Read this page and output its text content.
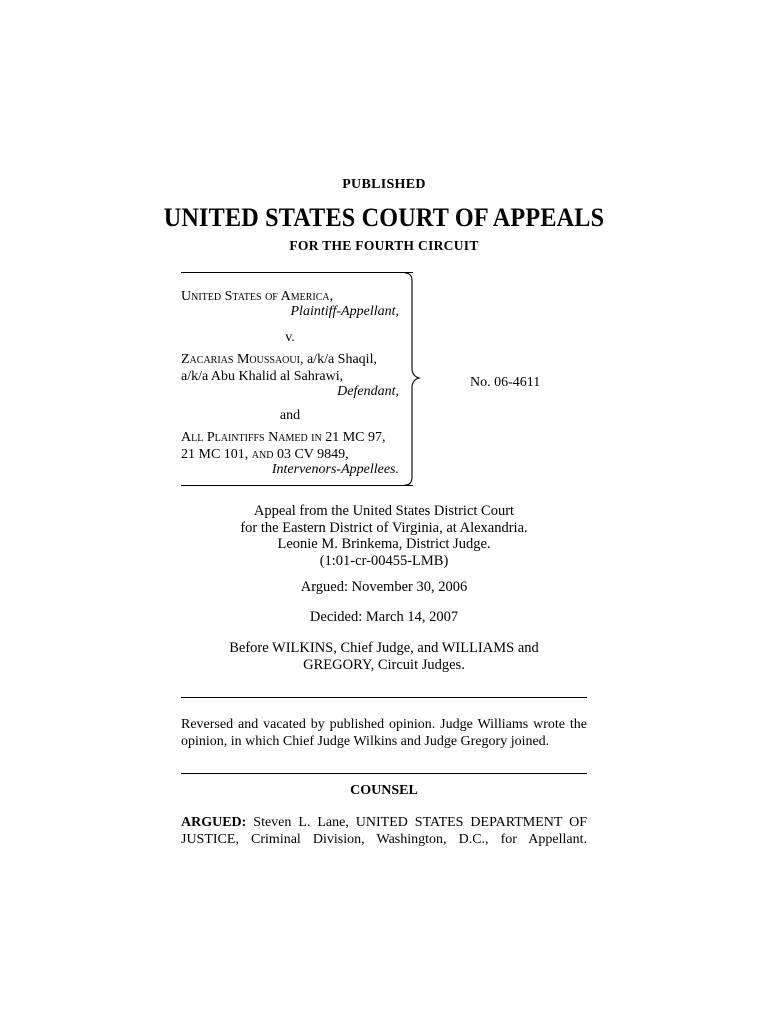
PUBLISHED
UNITED STATES COURT OF APPEALS
FOR THE FOURTH CIRCUIT
United States of America,
Plaintiff-Appellant,
v.
Zacarias Moussaoui, a/k/a Shaqil,
a/k/a Abu Khalid al Sahrawi,
Defendant,
and
All Plaintiffs Named in 21 MC 97,
21 MC 101, and 03 CV 9849,
Intervenors-Appellees.
No. 06-4611
Appeal from the United States District Court
for the Eastern District of Virginia, at Alexandria.
Leonie M. Brinkema, District Judge.
(1:01-cr-00455-LMB)
Argued: November 30, 2006
Decided: March 14, 2007
Before WILKINS, Chief Judge, and WILLIAMS and
GREGORY, Circuit Judges.
Reversed and vacated by published opinion. Judge Williams wrote the
opinion, in which Chief Judge Wilkins and Judge Gregory joined.
COUNSEL
ARGUED: Steven L. Lane, UNITED STATES DEPARTMENT OF
JUSTICE, Criminal Division, Washington, D.C., for Appellant.
